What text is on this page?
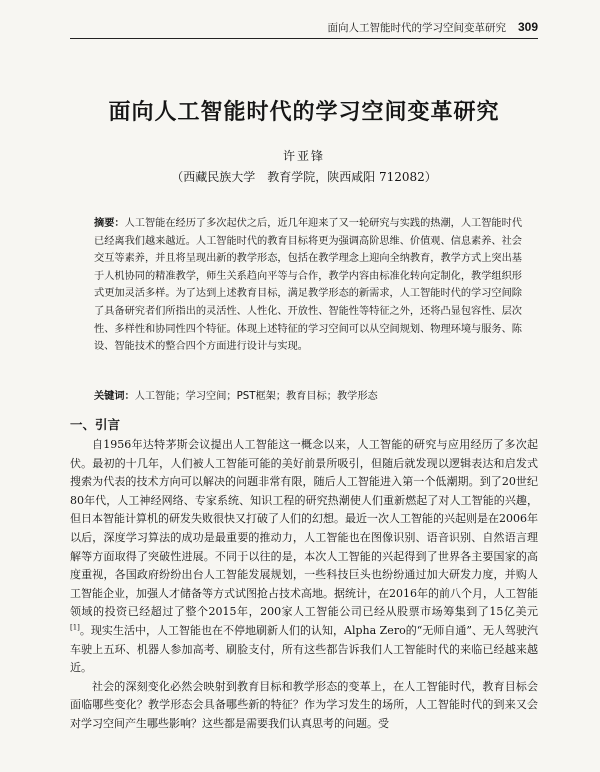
面向人工智能时代的学习空间变革研究 309
面向人工智能时代的学习空间变革研究
许亚锋
（西藏民族大学　教育学院，陕西咸阳 712082）

摘要：人工智能在经历了多次起伏之后，近几年迎来了又一轮研究与实践的热潮，人工智能时代已经离我们越来越近。人工智能时代的教育目标将更为强调高阶思维、价值观、信息素养、社会交互等素养，并且将呈现出新的教学形态，包括在教学理念上迎向全纳教育，教学方式上突出基于人机协同的精准教学，师生关系趋向平等与合作，教学内容由标准化转向定制化，教学组织形式更加灵活多样。为了达到上述教育目标，满足教学形态的新需求，人工智能时代的学习空间除了具备研究者们所指出的灵活性、人性化、开放性、智能性等特征之外，还将凸显包容性、层次性、多样性和协同性四个特征。体现上述特征的学习空间可以从空间规划、物理环境与服务、陈设、智能技术的整合四个方面进行设计与实现。

关键词：人工智能；学习空间；PST框架；教育目标；教学形态

一、引言

自1956年达特茅斯会议提出人工智能这一概念以来，人工智能的研究与应用经历了多次起伏。最初的十几年，人们被人工智能可能的美好前景所吸引，但随后就发现以逻辑表达和启发式搜索为代表的技术方向可以解决的问题非常有限，随后人工智能进入第一个低潮期。到了20世纪80年代，人工神经网络、专家系统、知识工程的研究热潮使人们重新燃起了对人工智能的兴趣，但日本智能计算机的研发失败很快又打破了人们的幻想。最近一次人工智能的兴起则是在2006年以后，深度学习算法的成功是最重要的推动力，人工智能也在图像识别、语音识别、自然语言理解等方面取得了突破性进展。不同于以往的是，本次人工智能的兴起得到了世界各主要国家的高度重视，各国政府纷纷出台人工智能发展规划，一些科技巨头也纷纷通过加大研发力度，并购人工智能企业，加强人才储备等方式试图抢占技术高地。据统计，在2016年的前八个月，人工智能领域的投资已经超过了整个2015年，200家人工智能公司已经从股票市场筹集到了15亿美元[1]。现实生活中，人工智能也在不停地刷新人们的认知，Alpha Zero的“无师自通”、无人驾驶汽车驶上五环、机器人参加高考、刷脸支付，所有这些都告诉我们人工智能时代的来临已经越来越近。

社会的深刻变化必然会映射到教育目标和教学形态的变革上，在人工智能时代，教育目标会面临哪些变化？教学形态会具备哪些新的特征？作为学习发生的场所，人工智能时代的到来又会对学习空间产生哪些影响？这些都是需要我们认真思考的问题。受
